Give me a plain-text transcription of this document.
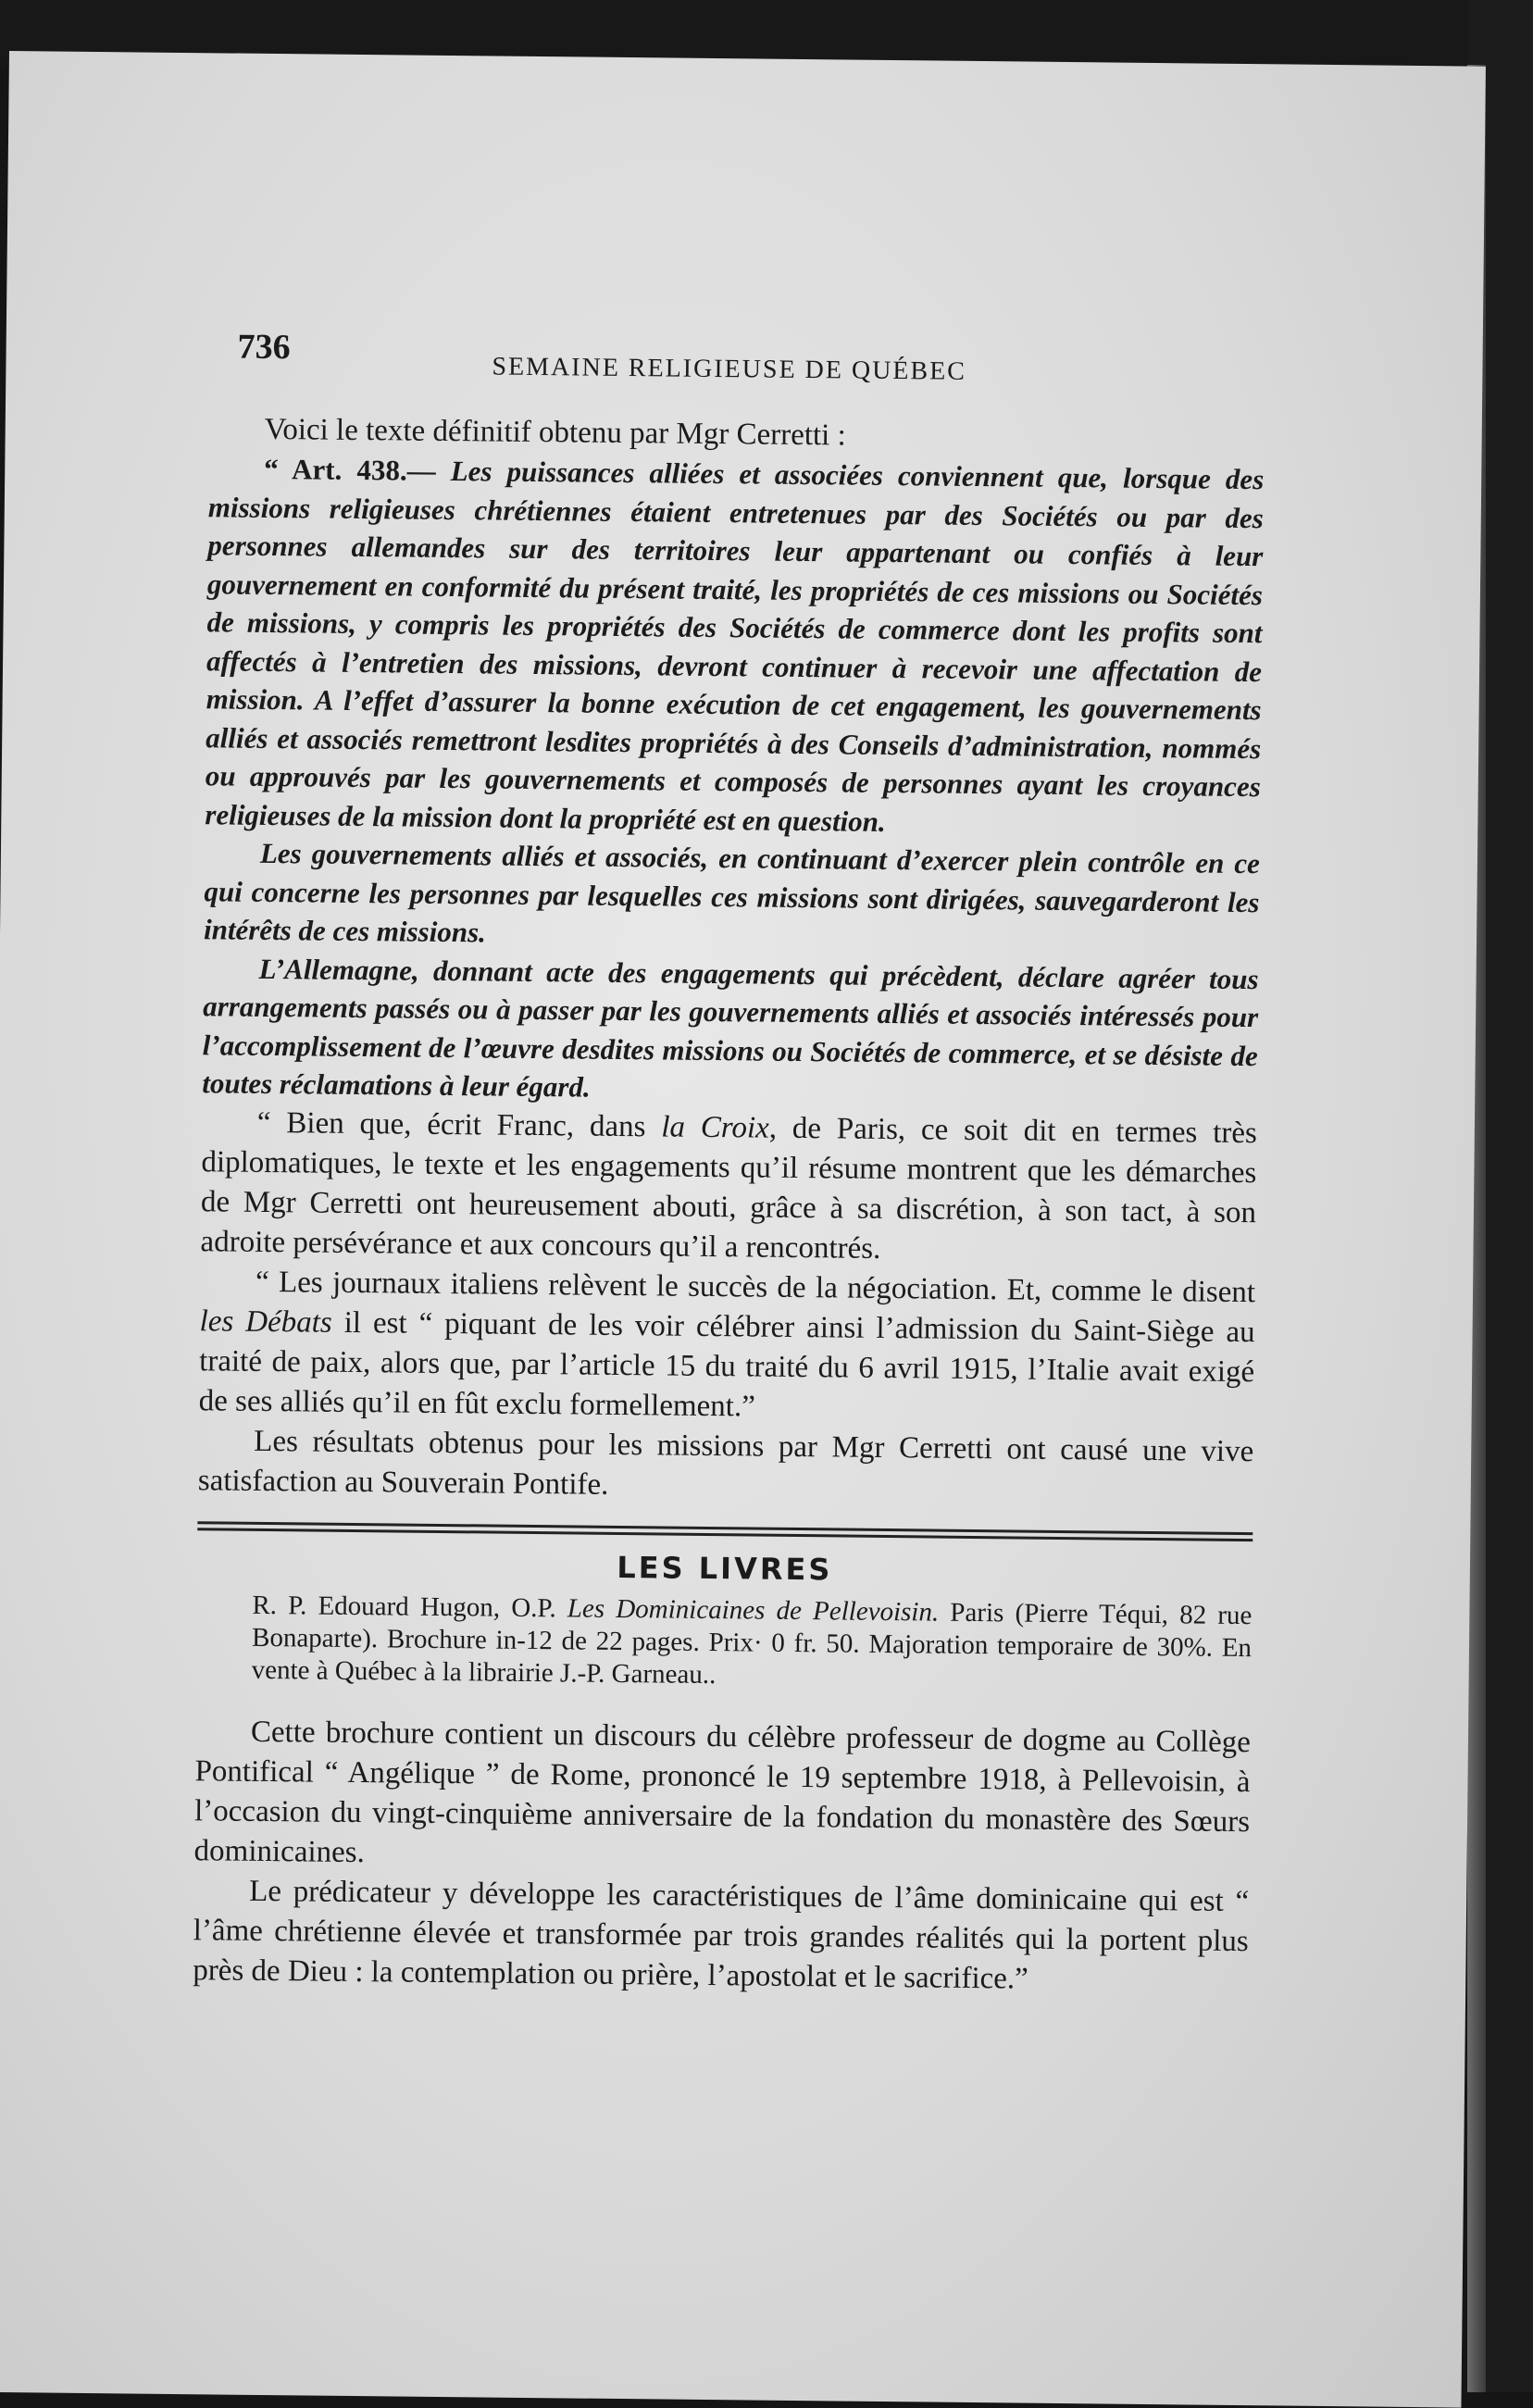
736
SEMAINE RELIGIEUSE DE QUÉBEC

Voici le texte définitif obtenu par Mgr Cerretti :

“ Art. 438.— Les puissances alliées et associées conviennent que, lorsque des missions religieuses chrétiennes étaient entretenues par des Sociétés ou par des personnes allemandes sur des territoires leur appartenant ou confiés à leur gouvernement en conformité du présent traité, les propriétés de ces missions ou Sociétés de missions, y compris les propriétés des Sociétés de commerce dont les profits sont affectés à l’entretien des missions, devront continuer à recevoir une affectation de mission. A l’effet d’assurer la bonne exécution de cet engagement, les gouvernements alliés et associés remettront lesdites propriétés à des Conseils d’administration, nommés ou approuvés par les gouvernements et composés de personnes ayant les croyances religieuses de la mission dont la propriété est en question.

Les gouvernements alliés et associés, en continuant d’exercer plein contrôle en ce qui concerne les personnes par lesquelles ces missions sont dirigées, sauvegarderont les intérêts de ces missions.

L’Allemagne, donnant acte des engagements qui précèdent, déclare agréer tous arrangements passés ou à passer par les gouvernements alliés et associés intéressés pour l’accomplissement de l’œuvre desdites missions ou Sociétés de commerce, et se désiste de toutes réclamations à leur égard.

“ Bien que, écrit Franc, dans la Croix, de Paris, ce soit dit en termes très diplomatiques, le texte et les engagements qu’il résume montrent que les démarches de Mgr Cerretti ont heureusement abouti, grâce à sa discrétion, à son tact, à son adroite persévérance et aux concours qu’il a rencontrés.

“ Les journaux italiens relèvent le succès de la négociation. Et, comme le disent les Débats il est “ piquant de les voir célébrer ainsi l’admission du Saint-Siège au traité de paix, alors que, par l’article 15 du traité du 6 avril 1915, l’Italie avait exigé de ses alliés qu’il en fût exclu formellement.”

Les résultats obtenus pour les missions par Mgr Cerretti ont causé une vive satisfaction au Souverain Pontife.

LES LIVRES
R. P. Edouard Hugon, O.P. Les Dominicaines de Pellevoisin. Paris (Pierre Téqui, 82 rue Bonaparte). Brochure in-12 de 22 pages. Prix· 0 fr. 50. Majoration temporaire de 30%. En vente à Québec à la librairie J.-P. Garneau..

Cette brochure contient un discours du célèbre professeur de dogme au Collège Pontifical “ Angélique ” de Rome, prononcé le 19 septembre 1918, à Pellevoisin, à l’occasion du vingt-cinquième anniversaire de la fondation du monastère des Sœurs dominicaines.

Le prédicateur y développe les caractéristiques de l’âme dominicaine qui est “ l’âme chrétienne élevée et transformée par trois grandes réalités qui la portent plus près de Dieu : la contemplation ou prière, l’apostolat et le sacrifice.”
